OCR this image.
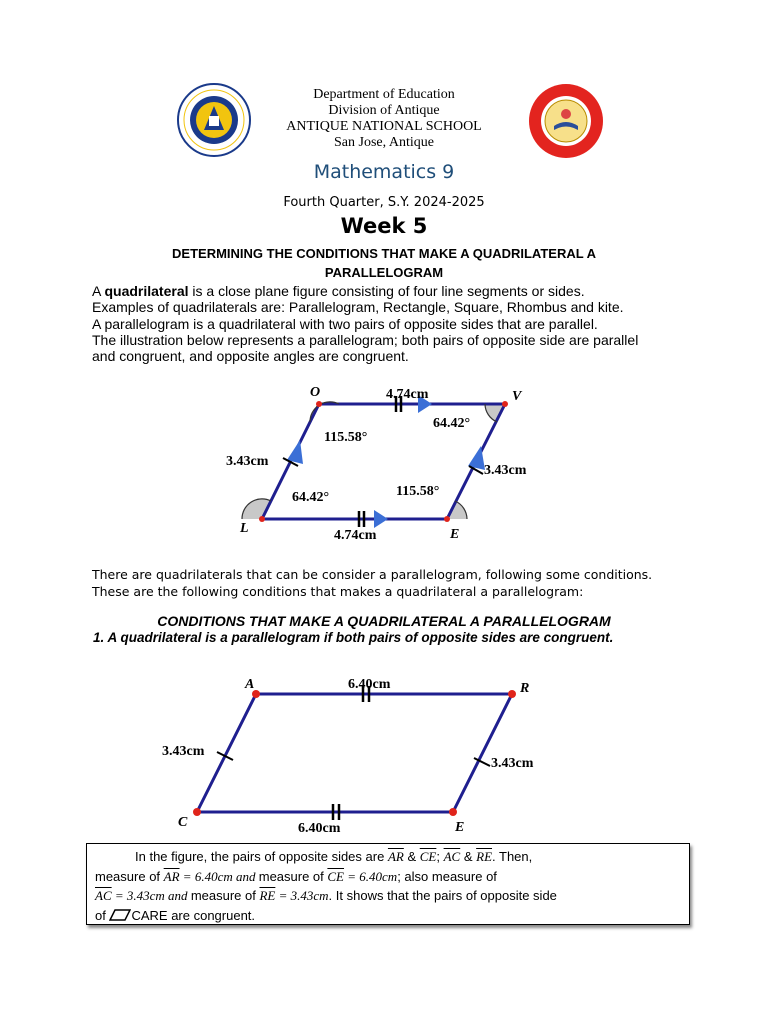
Department of Education
Division of Antique
ANTIQUE NATIONAL SCHOOL
San Jose, Antique
Mathematics 9
Fourth Quarter, S.Y. 2024-2025
Week 5
DETERMINING THE CONDITIONS THAT MAKE A QUADRILATERAL A
PARALLELOGRAM
A quadrilateral is a close plane figure consisting of four line segments or sides.
Examples of quadrilaterals are: Parallelogram, Rectangle, Square, Rhombus and kite.
A parallelogram is a quadrilateral with two pairs of opposite sides that are parallel.
The illustration below represents a parallelogram; both pairs of opposite side are parallel
and congruent, and opposite angles are congruent.
O	V
L	E
4.74cm
4.74cm
3.43cm
3.43cm
115.58°
64.42°
64.42°	115.58°
There are quadrilaterals that can be consider a parallelogram, following some conditions.
These are the following conditions that makes a quadrilateral a parallelogram:
CONDITIONS THAT MAKE A QUADRILATERAL A PARALLELOGRAM
1. A quadrilateral is a parallelogram if both pairs of opposite sides are congruent.
A	R
C	E
6.40cm
6.40cm
3.43cm
3.43cm
In the figure, the pairs of opposite sides are $\overline{AR}$ & $\overline{CE}$; $\overline{AC}$ & $\overline{RE}$. Then,
measure of $\overline{AR} = 6.40cm$ and measure of $\overline{CE} = 6.40cm$; also measure of
$\overline{AC} = 3.43cm$ and measure of $\overline{RE} = 3.43cm$. It shows that the pairs of opposite side
of CARE are congruent.
